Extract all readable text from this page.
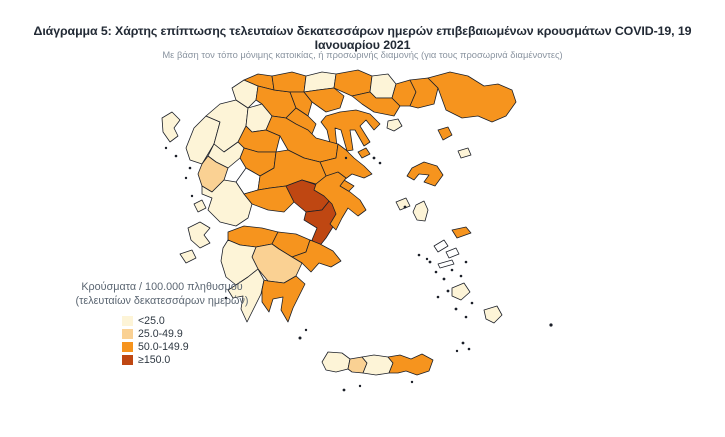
Διάγραμμα 5: Χάρτης επίπτωσης τελευταίων δεκατεσσάρων ημερών επιβεβαιωμένων κρουσμάτων COVID-19, 19 Ιανουαρίου 2021
Με βάση τον τόπο μόνιμης κατοικίας, ή προσωρινής διαμονής (για τους προσωρινά διαμένοντες)
Κρούσματα / 100.000 πληθυσμού
(τελευταίων δεκατεσσάρων ημερών)
<25.0
25.0-49.9
50.0-149.9
≥150.0
